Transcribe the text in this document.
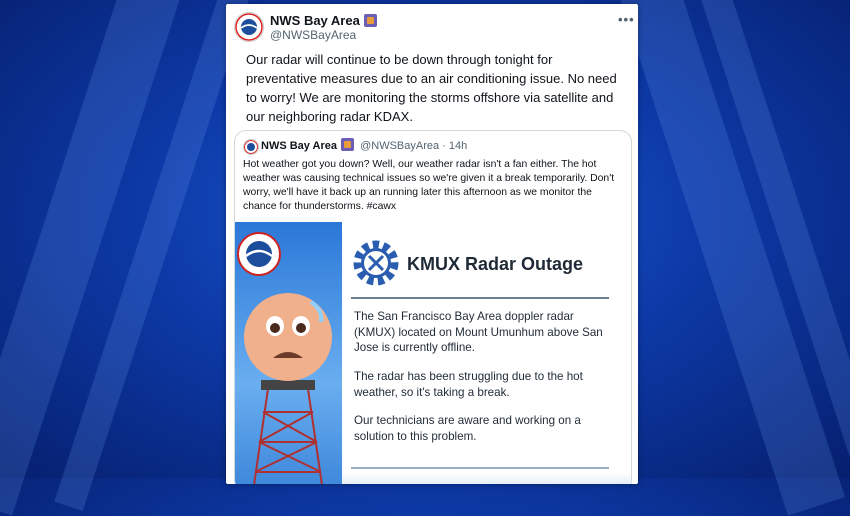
NWS Bay Area
@NWSBayArea
•••
Our radar will continue to be down through tonight for preventative measures due to an air conditioning issue. No need to worry! We are monitoring the storms offshore via satellite and our neighboring radar KDAX.
NWS Bay Area @NWSBayArea · 14h
Hot weather got you down? Well, our weather radar isn't a fan either. The hot weather was causing technical issues so we're given it a break temporarily. Don't worry, we'll have it back up an running later this afternoon as we monitor the chance for thunderstorms. #cawx
KMUX Radar Outage
The San Francisco Bay Area doppler radar (KMUX) located on Mount Umunhum above San Jose is currently offline.
The radar has been struggling due to the hot weather, so it's taking a break.
Our technicians are aware and working on a solution to this problem.
